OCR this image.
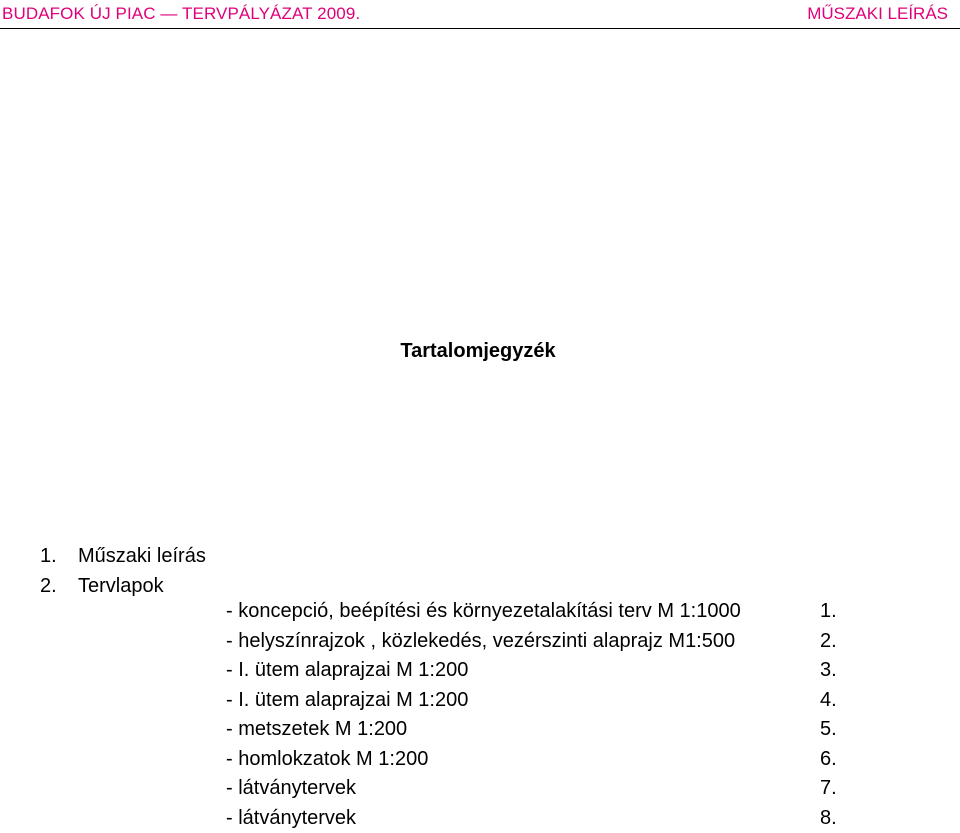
BUDAFOK ÚJ PIAC — TERVPÁLYÁZAT 2009.	MŰSZAKI LEÍRÁS
Tartalomjegyzék
1. Műszaki leírás
2. Tervlapok
- koncepció, beépítési és környezetalakítási terv M 1:1000	1.
- helyszínrajzok , közlekedés, vezérszinti alaprajz M1:500	2.
- I. ütem alaprajzai M 1:200	3.
- I. ütem alaprajzai M 1:200	4.
- metszetek M 1:200	5.
- homlokzatok M 1:200	6.
- látványtervek	7.
- látványtervek	8.
